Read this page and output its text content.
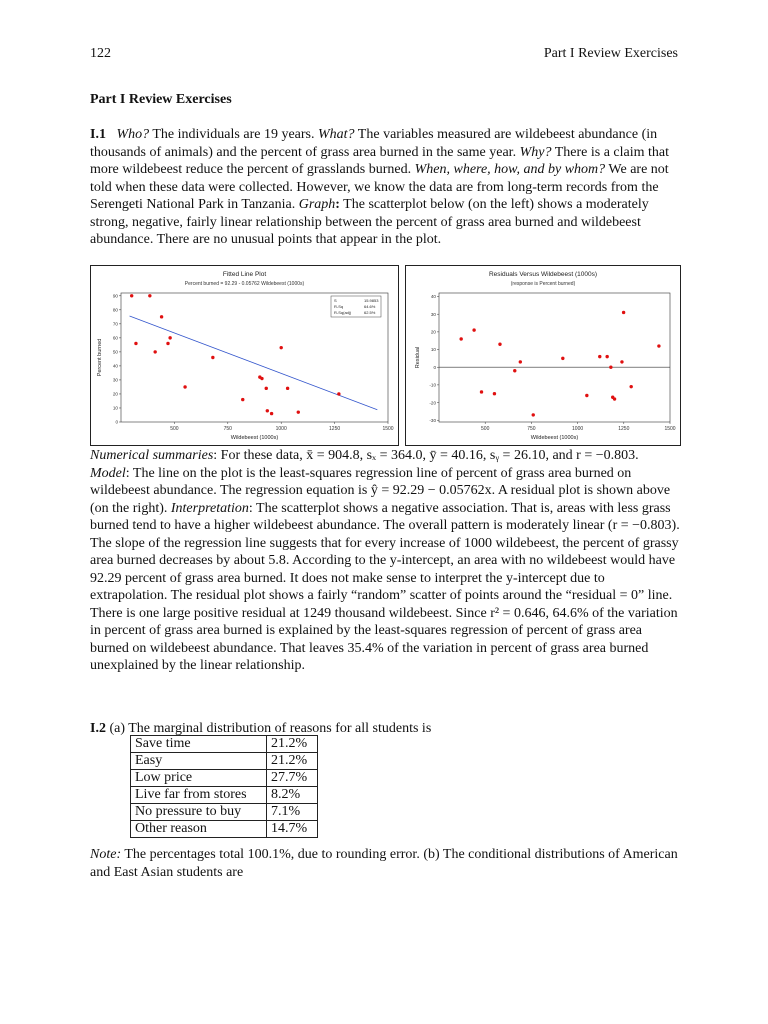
122	Part I Review Exercises
Part I Review Exercises
I.1 Who? The individuals are 19 years. What? The variables measured are wildebeest abundance (in thousands of animals) and the percent of grass area burned in the same year. Why? There is a claim that more wildebeest reduce the percent of grasslands burned. When, where, how, and by whom? We are not told when these data were collected. However, we know the data are from long-term records from the Serengeti National Park in Tanzania. Graph: The scatterplot below (on the left) shows a moderately strong, negative, fairly linear relationship between the percent of grass area burned and wildebeest abundance. There are no unusual points that appear in the plot.
Fitted Line Plot
Percent burned = 92.29 - 0.05762 Wildebeest (1000s)
500	750	1000	1250	1500
0
10
20
30
40
50
60
70
80
90
Wildebeest (1000s)
Percent burned
S	15.9853
R-Sq	64.6%
R-Sq(adj)	62.5%
Residuals Versus Wildebeest (1000s)
(response is Percent burned)
500	750	1000	1250	1500
-30
-20
-10
0
10
20
30
40
Wildebeest (1000s)
Residual
Numerical summaries: For these data, x̄ = 904.8, sₓ = 364.0, ȳ = 40.16, sᵧ = 26.10, and r = −0.803. Model: The line on the plot is the least-squares regression line of percent of grass area burned on wildebeest abundance. The regression equation is ŷ = 92.29 − 0.05762x. A residual plot is shown above (on the right). Interpretation: The scatterplot shows a negative association. That is, areas with less grass burned tend to have a higher wildebeest abundance. The overall pattern is moderately linear (r = −0.803). The slope of the regression line suggests that for every increase of 1000 wildebeest, the percent of grassy area burned decreases by about 5.8. According to the y-intercept, an area with no wildebeest would have 92.29 percent of grass area burned. It does not make sense to interpret the y-intercept due to extrapolation. The residual plot shows a fairly “random” scatter of points around the “residual = 0” line. There is one large positive residual at 1249 thousand wildebeest. Since r² = 0.646, 64.6% of the variation in percent of grass area burned is explained by the least-squares regression of percent of grass area burned on wildebeest abundance. That leaves 35.4% of the variation in percent of grass area burned unexplained by the linear relationship.
I.2 (a) The marginal distribution of reasons for all students is
Save time	21.2%
Easy	21.2%
Low price	27.7%
Live far from stores	8.2%
No pressure to buy	7.1%
Other reason	14.7%
Note: The percentages total 100.1%, due to rounding error. (b) The conditional distributions of American and East Asian students are
